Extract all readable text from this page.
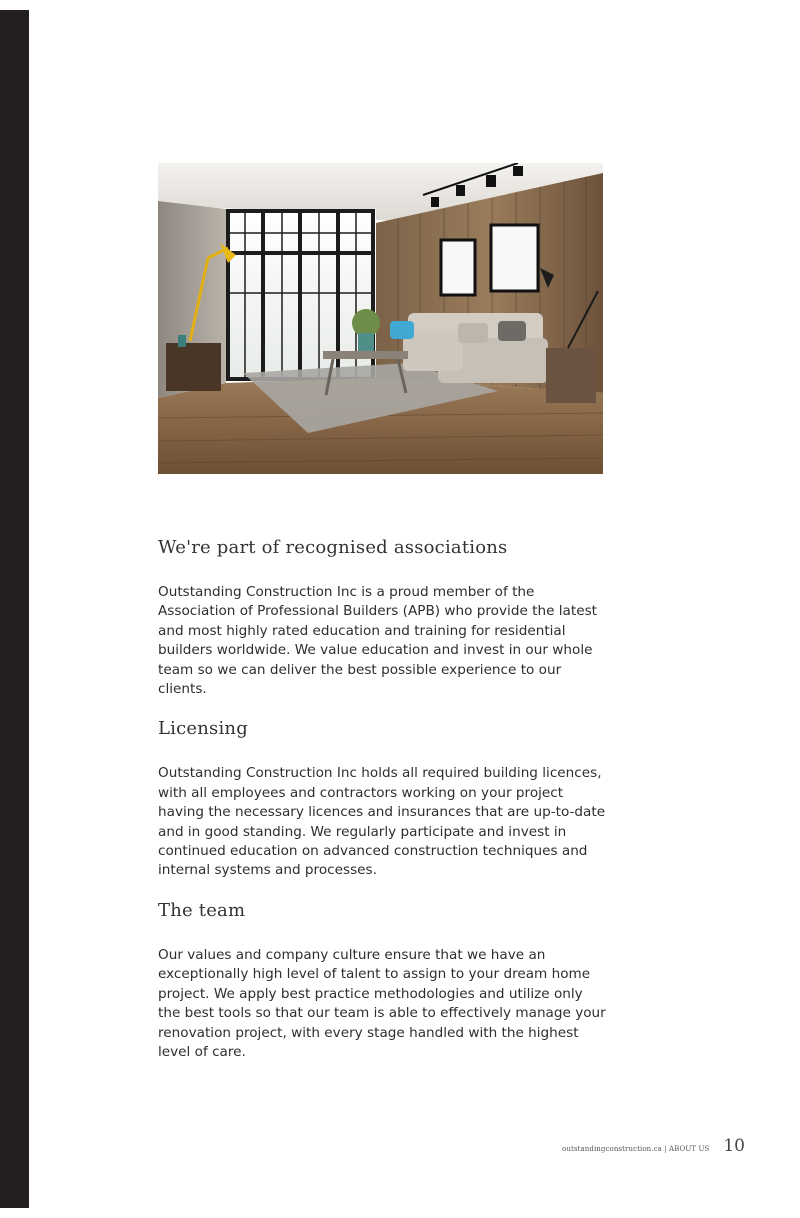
We're part of recognised associations

Outstanding Construction Inc is a proud member of the Association of Professional Builders (APB) who provide the latest and most highly rated education and training for residential builders worldwide. We value education and invest in our whole team so we can deliver the best possible experience to our clients.

Licensing

Outstanding Construction Inc holds all required building licences, with all employees and contractors working on your project having the necessary licences and insurances that are up-to-date and in good standing. We regularly participate and invest in continued education on advanced construction techniques and internal systems and processes.

The team

Our values and company culture ensure that we have an exceptionally high level of talent to assign to your dream home project. We apply best practice methodologies and utilize only the best tools so that our team is able to effectively manage your renovation project, with every stage handled with the highest level of care.

outstandingconstruction.ca | ABOUT US 10
